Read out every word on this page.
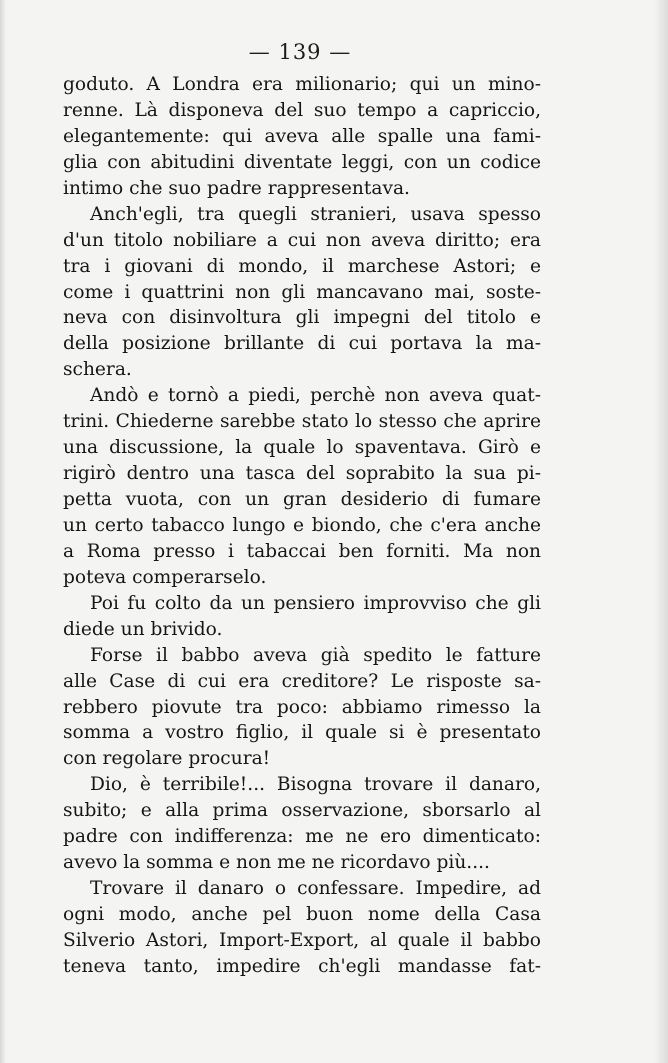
— 139 —
goduto. A Londra era milionario; qui un mino-
renne. Là disponeva del suo tempo a capriccio,
elegantemente: qui aveva alle spalle una fami-
glia con abitudini diventate leggi, con un codice
intimo che suo padre rappresentava.
Anch'egli, tra quegli stranieri, usava spesso
d'un titolo nobiliare a cui non aveva diritto; era
tra i giovani di mondo, il marchese Astori; e
come i quattrini non gli mancavano mai, soste-
neva con disinvoltura gli impegni del titolo e
della posizione brillante di cui portava la ma-
schera.
Andò e tornò a piedi, perchè non aveva quat-
trini. Chiederne sarebbe stato lo stesso che aprire
una discussione, la quale lo spaventava. Girò e
rigirò dentro una tasca del soprabito la sua pi-
petta vuota, con un gran desiderio di fumare
un certo tabacco lungo e biondo, che c'era anche
a Roma presso i tabaccai ben forniti. Ma non
poteva comperarselo.
Poi fu colto da un pensiero improvviso che gli
diede un brivido.
Forse il babbo aveva già spedito le fatture
alle Case di cui era creditore? Le risposte sa-
rebbero piovute tra poco: abbiamo rimesso la
somma a vostro figlio, il quale si è presentato
con regolare procura!
Dio, è terribile!... Bisogna trovare il danaro,
subito; e alla prima osservazione, sborsarlo al
padre con indifferenza: me ne ero dimenticato:
avevo la somma e non me ne ricordavo più....
Trovare il danaro o confessare. Impedire, ad
ogni modo, anche pel buon nome della Casa
Silverio Astori, Import-Export, al quale il babbo
teneva tanto, impedire ch'egli mandasse fat-
